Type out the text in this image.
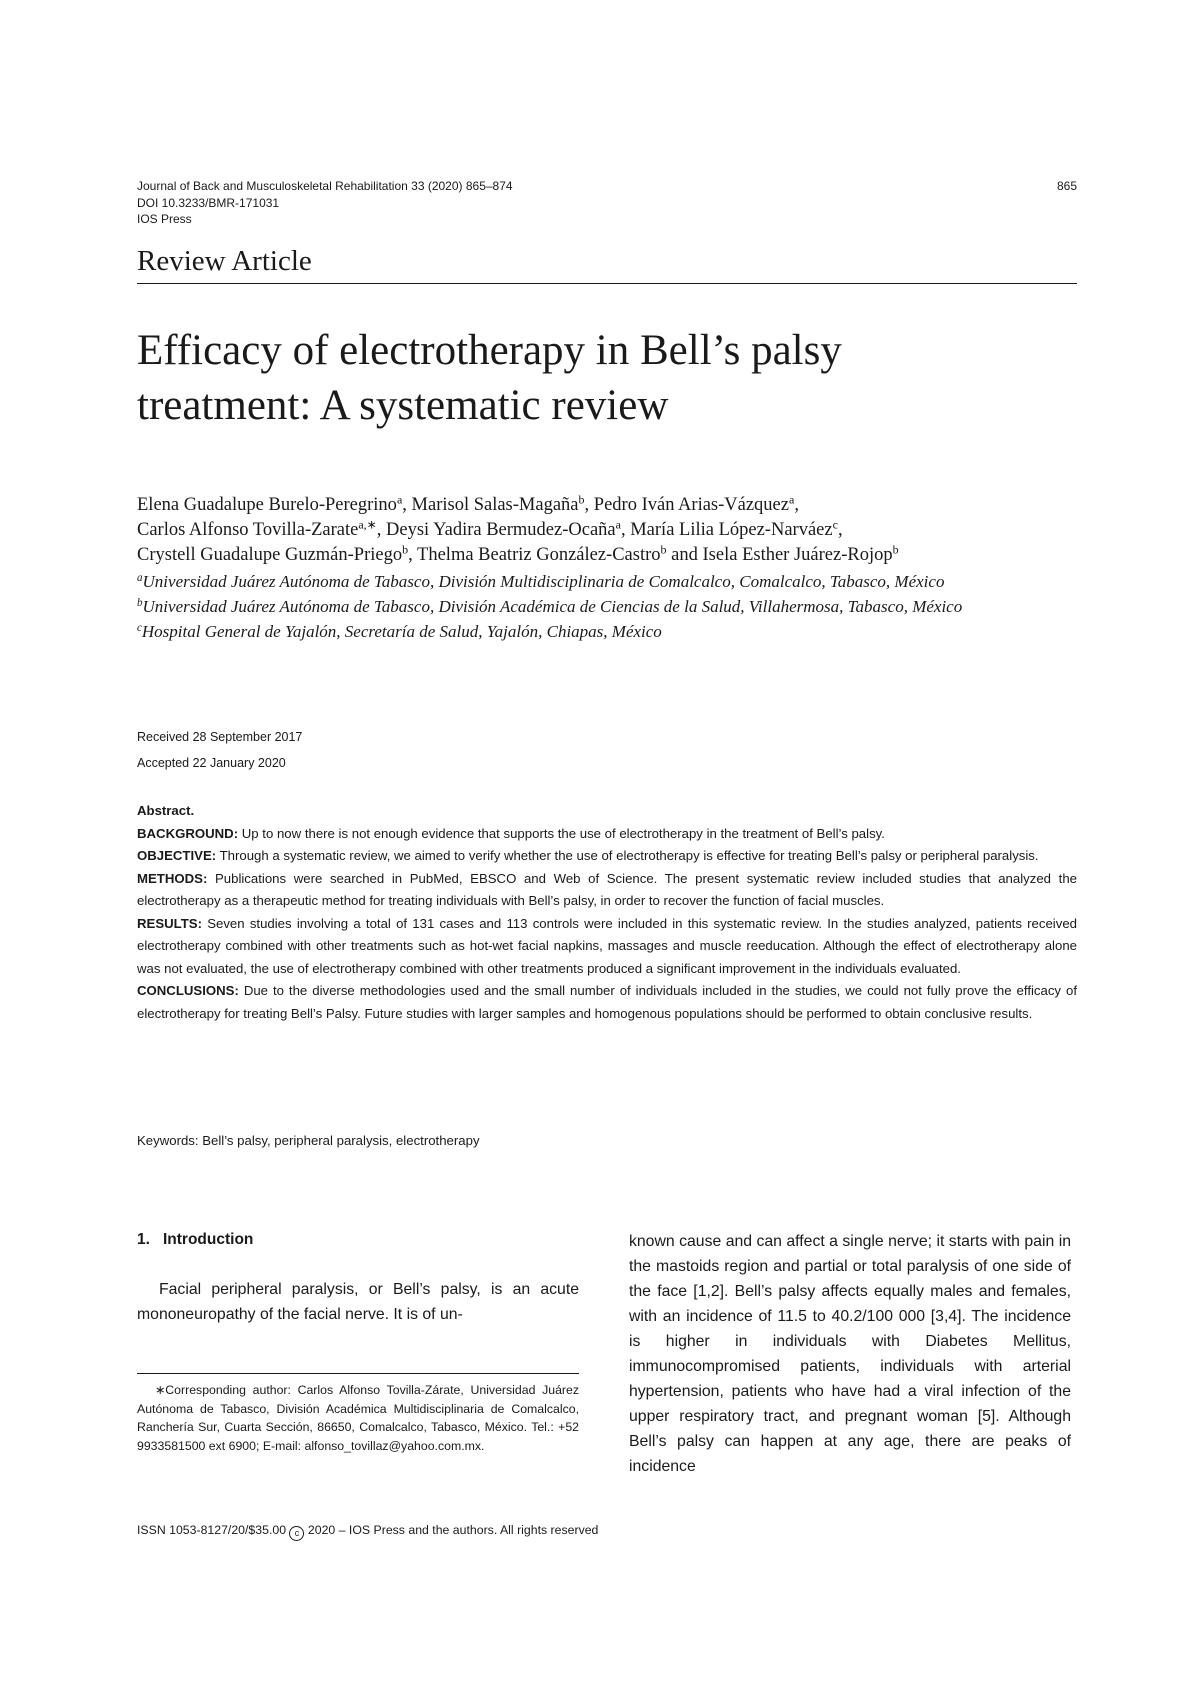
Journal of Back and Musculoskeletal Rehabilitation 33 (2020) 865–874
DOI 10.3233/BMR-171031
IOS Press
865
Review Article
Efficacy of electrotherapy in Bell’s palsy
treatment: A systematic review
Elena Guadalupe Burelo-Peregrino$^a$, Marisol Salas-Magaña$^b$, Pedro Iván Arias-Vázquez$^a$,
Carlos Alfonso Tovilla-Zarate$^{a,∗}$, Deysi Yadira Bermudez-Ocaña$^a$, María Lilia López-Narváez$^c$,
Crystell Guadalupe Guzmán-Priego$^b$, Thelma Beatriz González-Castro$^b$ and Isela Esther Juárez-Rojop$^b$
$^a$Universidad Juárez Autónoma de Tabasco, División Multidisciplinaria de Comalcalco, Comalcalco, Tabasco, México
$^b$Universidad Juárez Autónoma de Tabasco, División Académica de Ciencias de la Salud, Villahermosa, Tabasco, México
$^c$Hospital General de Yajalón, Secretaría de Salud, Yajalón, Chiapas, México
Received 28 September 2017
Accepted 22 January 2020
Abstract.

BACKGROUND: Up to now there is not enough evidence that supports the use of electrotherapy in the treatment of Bell’s palsy.

OBJECTIVE: Through a systematic review, we aimed to verify whether the use of electrotherapy is effective for treating Bell’s palsy or peripheral paralysis.

METHODS: Publications were searched in PubMed, EBSCO and Web of Science. The present systematic review included studies that analyzed the electrotherapy as a therapeutic method for treating individuals with Bell’s palsy, in order to recover the function of facial muscles.

RESULTS: Seven studies involving a total of 131 cases and 113 controls were included in this systematic review. In the studies analyzed, patients received electrotherapy combined with other treatments such as hot-wet facial napkins, massages and muscle reeducation. Although the effect of electrotherapy alone was not evaluated, the use of electrotherapy combined with other treatments produced a significant improvement in the individuals evaluated.

CONCLUSIONS: Due to the diverse methodologies used and the small number of individuals included in the studies, we could not fully prove the efficacy of electrotherapy for treating Bell’s Palsy. Future studies with larger samples and homogenous populations should be performed to obtain conclusive results.

Keywords: Bell’s palsy, peripheral paralysis, electrotherapy
1. Introduction

Facial peripheral paralysis, or Bell’s palsy, is an acute mononeuropathy of the facial nerve. It is of un-

known cause and can affect a single nerve; it starts with pain in the mastoids region and partial or total paralysis of one side of the face [1,2]. Bell’s palsy affects equally males and females, with an incidence of 11.5 to 40.2/100 000 [3,4]. The incidence is higher in individuals with Diabetes Mellitus, immunocompromised patients, individuals with arterial hypertension, patients who have had a viral infection of the upper respiratory tract, and pregnant woman [5]. Although Bell’s palsy can happen at any age, there are peaks of incidence

∗Corresponding author: Carlos Alfonso Tovilla-Zárate, Universidad Juárez Autónoma de Tabasco, División Académica Multidisciplinaria de Comalcalco, Ranchería Sur, Cuarta Sección, 86650, Comalcalco, Tabasco, México. Tel.: +52 9933581500 ext 6900; E-mail: alfonso_tovillaz@yahoo.com.mx.

ISSN 1053-8127/20/$35.00 c 2020 – IOS Press and the authors. All rights reserved
